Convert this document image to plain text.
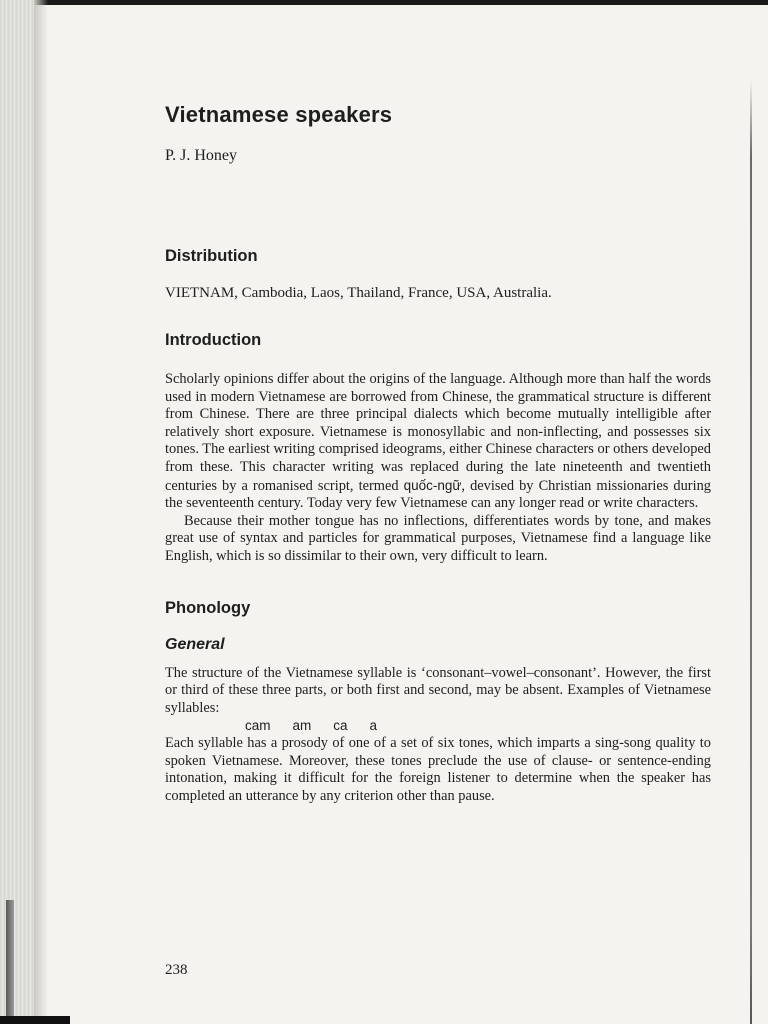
Vietnamese speakers

P. J. Honey

Distribution

VIETNAM, Cambodia, Laos, Thailand, France, USA, Australia.

Introduction

Scholarly opinions differ about the origins of the language. Although more than half the words used in modern Vietnamese are borrowed from Chinese, the grammatical structure is different from Chinese. There are three principal dialects which become mutually intelligible after relatively short exposure. Vietnamese is monosyllabic and non-inflecting, and possesses six tones. The earliest writing comprised ideograms, either Chinese characters or others developed from these. This character writing was replaced during the late nineteenth and twentieth centuries by a romanised script, termed quốc-ngữ, devised by Christian missionaries during the seventeenth century. Today very few Vietnamese can any longer read or write characters.

Because their mother tongue has no inflections, differentiates words by tone, and makes great use of syntax and particles for grammatical purposes, Vietnamese find a language like English, which is so dissimilar to their own, very difficult to learn.

Phonology
General

The structure of the Vietnamese syllable is ‘consonant–vowel–consonant’. However, the first or third of these three parts, or both first and second, may be absent. Examples of Vietnamese syllables:

cam am ca a

Each syllable has a prosody of one of a set of six tones, which imparts a sing-song quality to spoken Vietnamese. Moreover, these tones preclude the use of clause- or sentence-ending intonation, making it difficult for the foreign listener to determine when the speaker has completed an utterance by any criterion other than pause.

238
